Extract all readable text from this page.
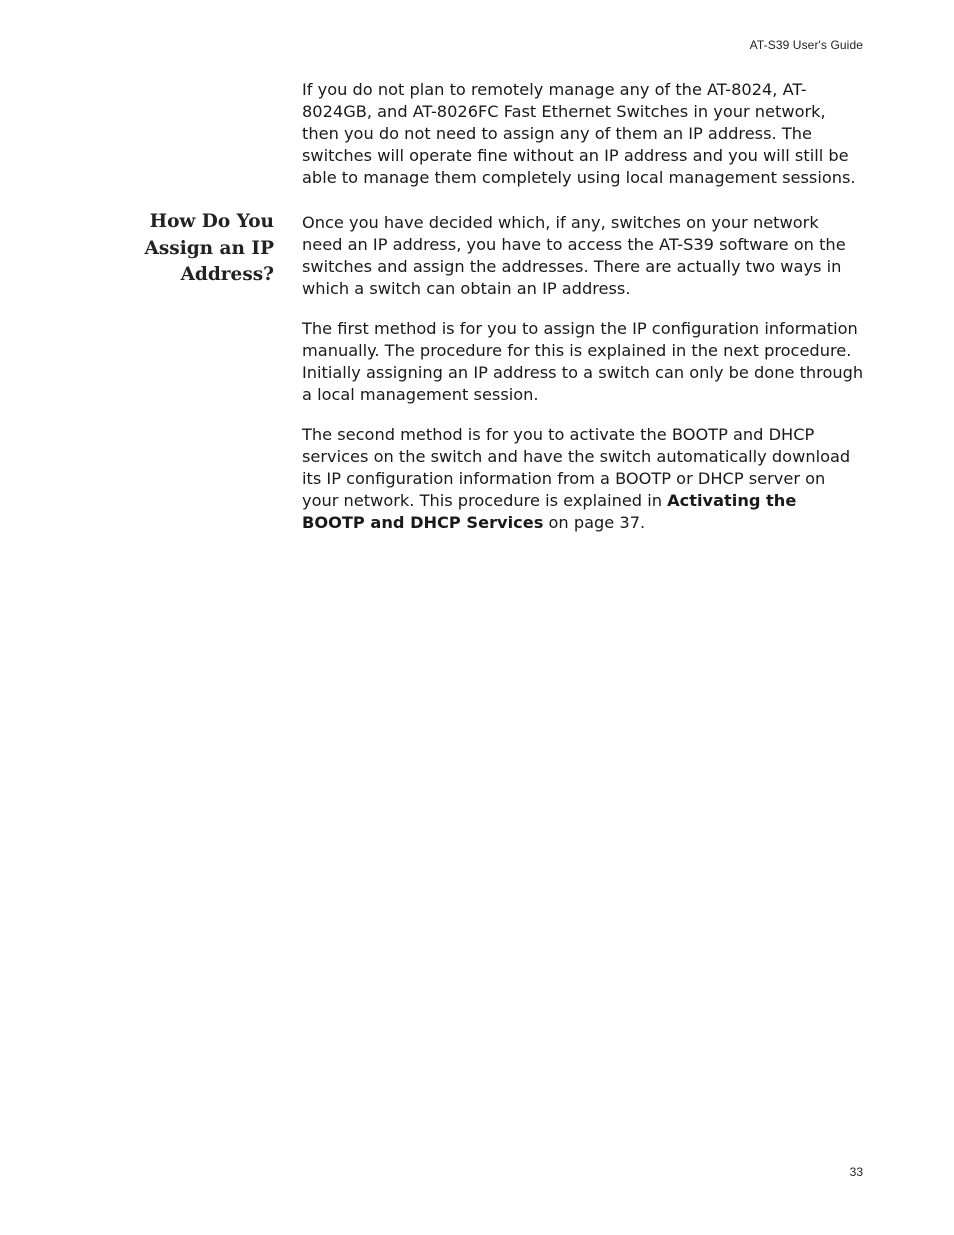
AT-S39 User's Guide

If you do not plan to remotely manage any of the AT-8024, AT-8024GB, and AT-8026FC Fast Ethernet Switches in your network, then you do not need to assign any of them an IP address. The switches will operate fine without an IP address and you will still be able to manage them completely using local management sessions.

How Do You
Assign an IP
Address?

Once you have decided which, if any, switches on your network need an IP address, you have to access the AT-S39 software on the switches and assign the addresses. There are actually two ways in which a switch can obtain an IP address.

The first method is for you to assign the IP configuration information manually. The procedure for this is explained in the next procedure. Initially assigning an IP address to a switch can only be done through a local management session.

The second method is for you to activate the BOOTP and DHCP services on the switch and have the switch automatically download its IP configuration information from a BOOTP or DHCP server on your network. This procedure is explained in Activating the BOOTP and DHCP Services on page 37.

33
